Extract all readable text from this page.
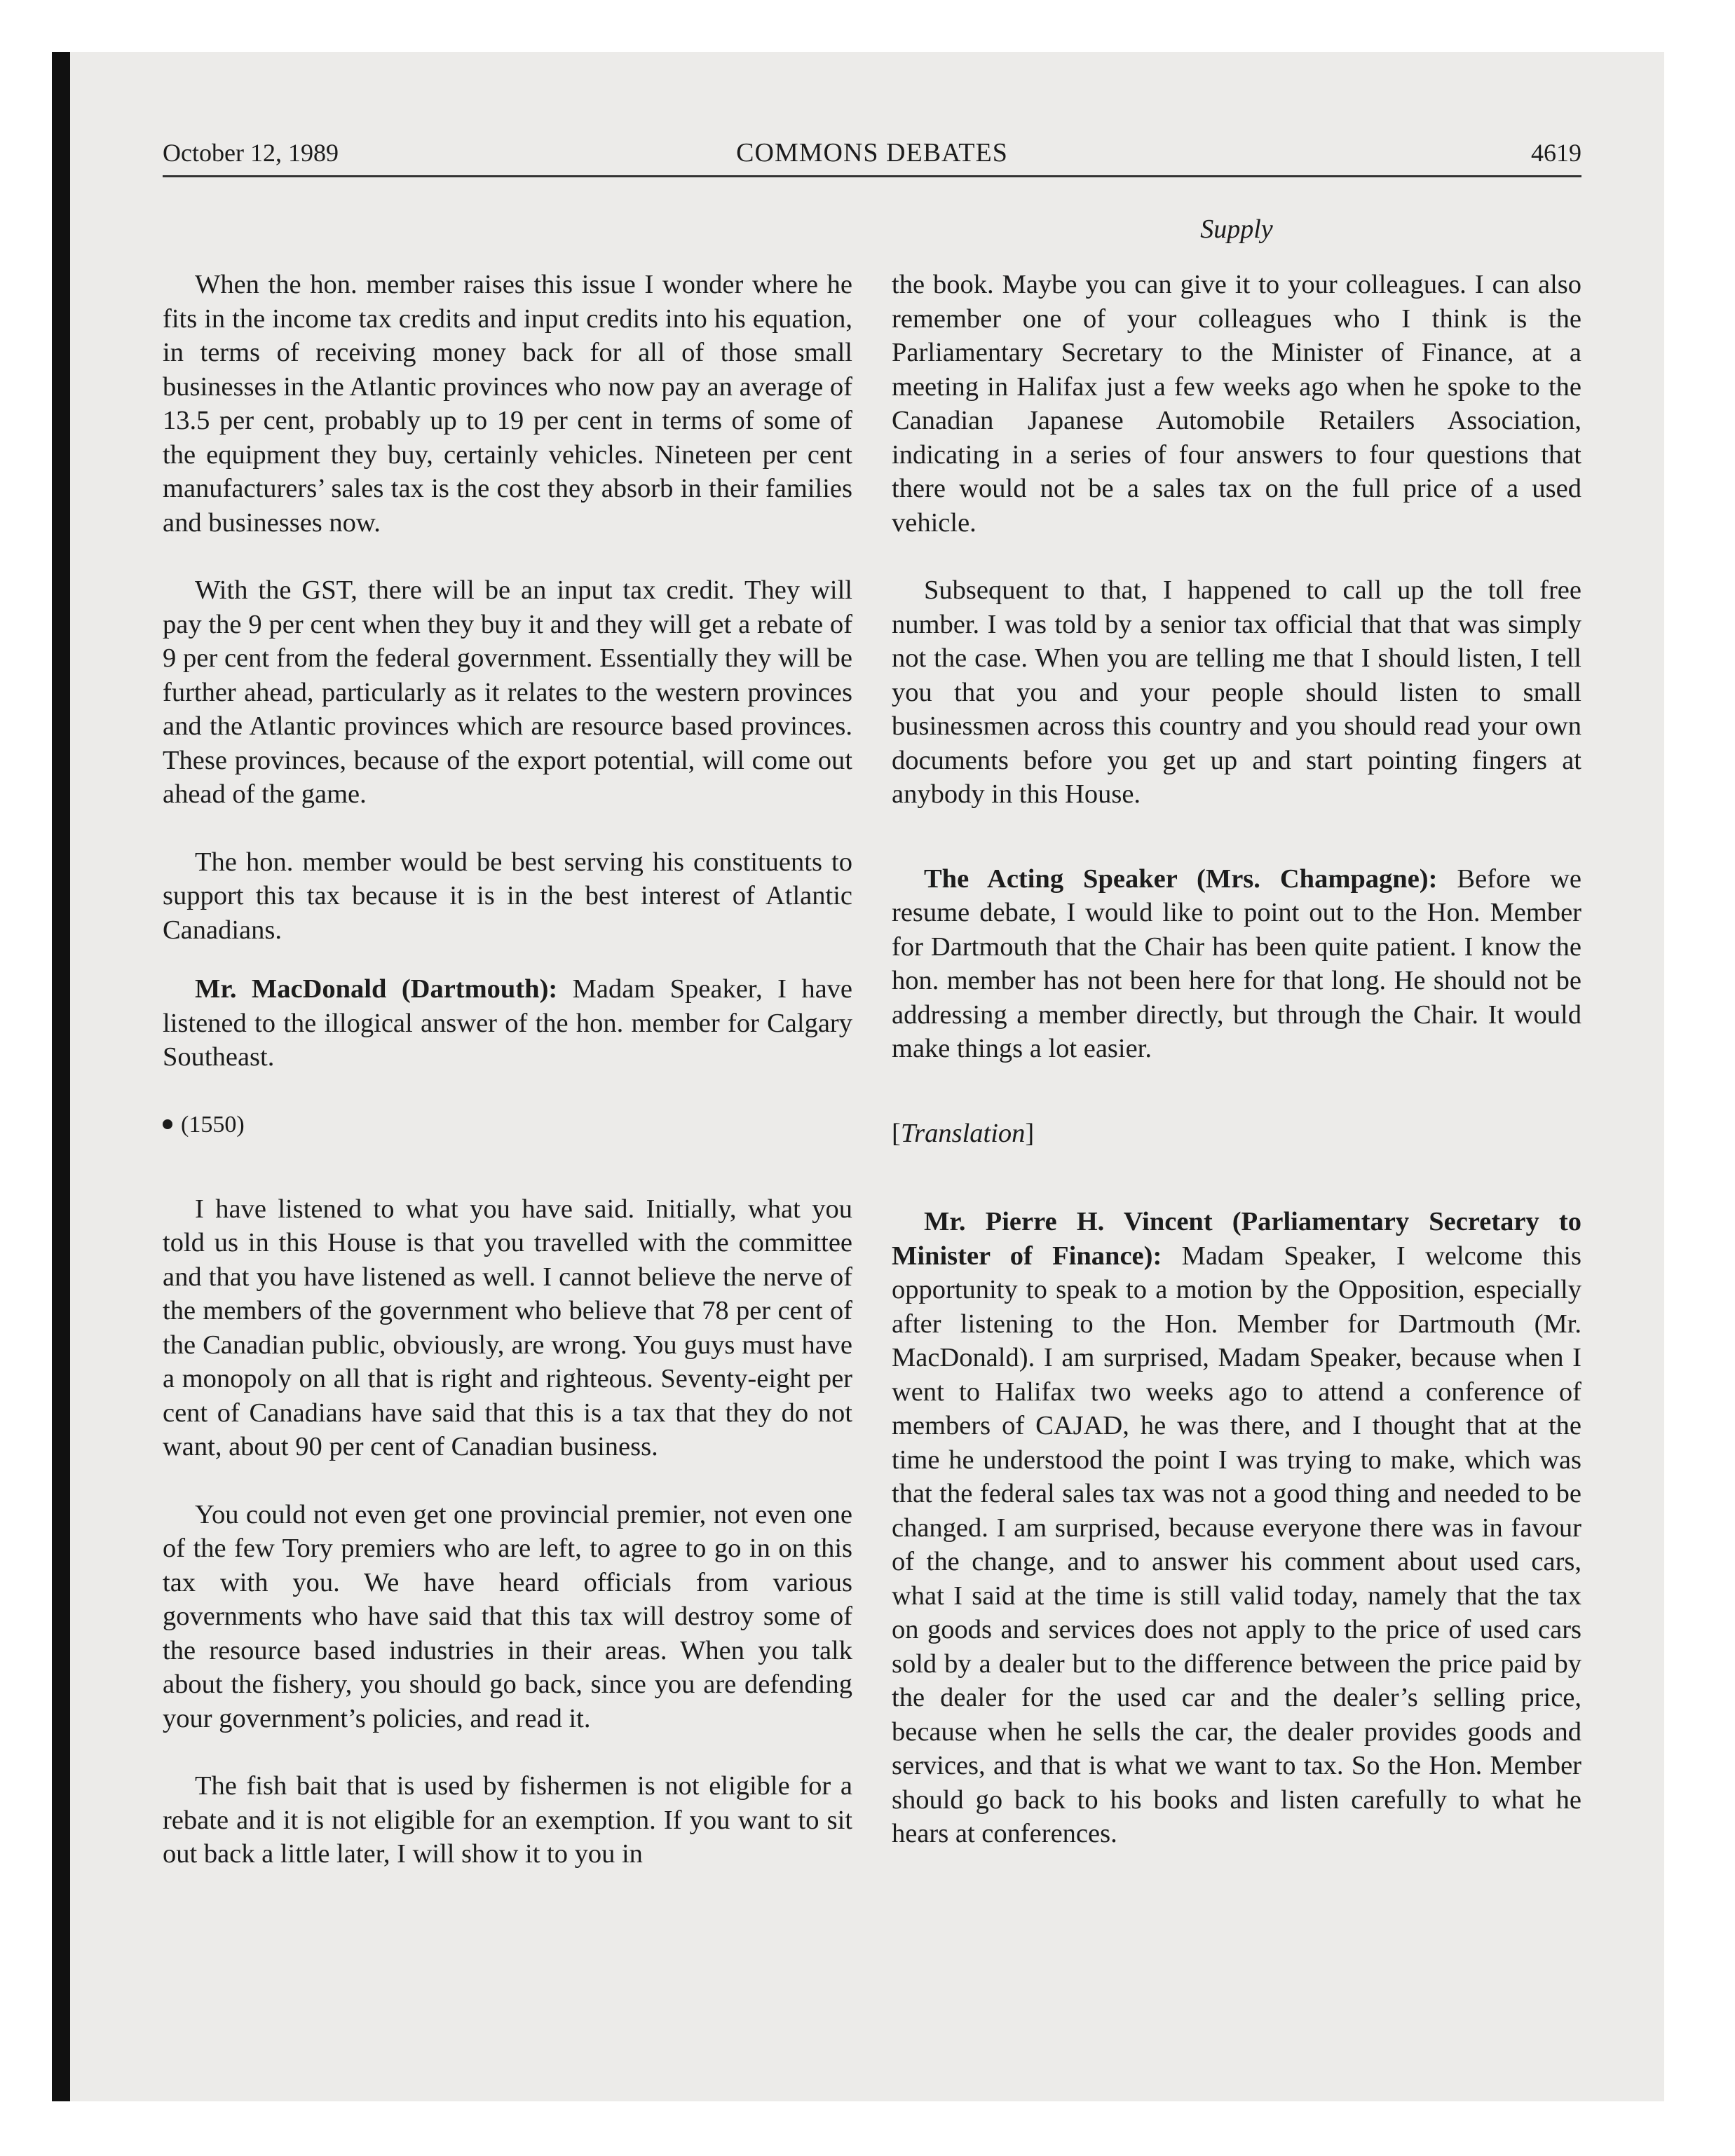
October 12, 1989	COMMONS DEBATES	4619
Supply

When the hon. member raises this issue I wonder where he fits in the income tax credits and input credits into his equation, in terms of receiving money back for all of those small businesses in the Atlantic provinces who now pay an average of 13.5 per cent, probably up to 19 per cent in terms of some of the equipment they buy, certainly vehicles. Nineteen per cent manufacturers’ sales tax is the cost they absorb in their families and businesses now.

With the GST, there will be an input tax credit. They will pay the 9 per cent when they buy it and they will get a rebate of 9 per cent from the federal government. Essentially they will be further ahead, particularly as it relates to the western provinces and the Atlantic provinces which are resource based provinces. These provinces, because of the export potential, will come out ahead of the game.

The hon. member would be best serving his constituents to support this tax because it is in the best interest of Atlantic Canadians.

Mr. MacDonald (Dartmouth): Madam Speaker, I have listened to the illogical answer of the hon. member for Calgary Southeast.

(1550)

I have listened to what you have said. Initially, what you told us in this House is that you travelled with the committee and that you have listened as well. I cannot believe the nerve of the members of the government who believe that 78 per cent of the Canadian public, obviously, are wrong. You guys must have a monopoly on all that is right and righteous. Seventy-eight per cent of Canadians have said that this is a tax that they do not want, about 90 per cent of Canadian business.

You could not even get one provincial premier, not even one of the few Tory premiers who are left, to agree to go in on this tax with you. We have heard officials from various governments who have said that this tax will destroy some of the resource based industries in their areas. When you talk about the fishery, you should go back, since you are defending your government’s policies, and read it.

The fish bait that is used by fishermen is not eligible for a rebate and it is not eligible for an exemption. If you want to sit out back a little later, I will show it to you in

the book. Maybe you can give it to your colleagues. I can also remember one of your colleagues who I think is the Parliamentary Secretary to the Minister of Finance, at a meeting in Halifax just a few weeks ago when he spoke to the Canadian Japanese Automobile Retailers Association, indicating in a series of four answers to four questions that there would not be a sales tax on the full price of a used vehicle.

Subsequent to that, I happened to call up the toll free number. I was told by a senior tax official that that was simply not the case. When you are telling me that I should listen, I tell you that you and your people should listen to small businessmen across this country and you should read your own documents before you get up and start pointing fingers at anybody in this House.

The Acting Speaker (Mrs. Champagne): Before we resume debate, I would like to point out to the Hon. Member for Dartmouth that the Chair has been quite patient. I know the hon. member has not been here for that long. He should not be addressing a member directly, but through the Chair. It would make things a lot easier.

[Translation]

Mr. Pierre H. Vincent (Parliamentary Secretary to Minister of Finance): Madam Speaker, I welcome this opportunity to speak to a motion by the Opposition, especially after listening to the Hon. Member for Dartmouth (Mr. MacDonald). I am surprised, Madam Speaker, because when I went to Halifax two weeks ago to attend a conference of members of CAJAD, he was there, and I thought that at the time he understood the point I was trying to make, which was that the federal sales tax was not a good thing and needed to be changed. I am surprised, because everyone there was in favour of the change, and to answer his comment about used cars, what I said at the time is still valid today, namely that the tax on goods and services does not apply to the price of used cars sold by a dealer but to the difference between the price paid by the dealer for the used car and the dealer’s selling price, because when he sells the car, the dealer provides goods and services, and that is what we want to tax. So the Hon. Member should go back to his books and listen carefully to what he hears at conferences.
